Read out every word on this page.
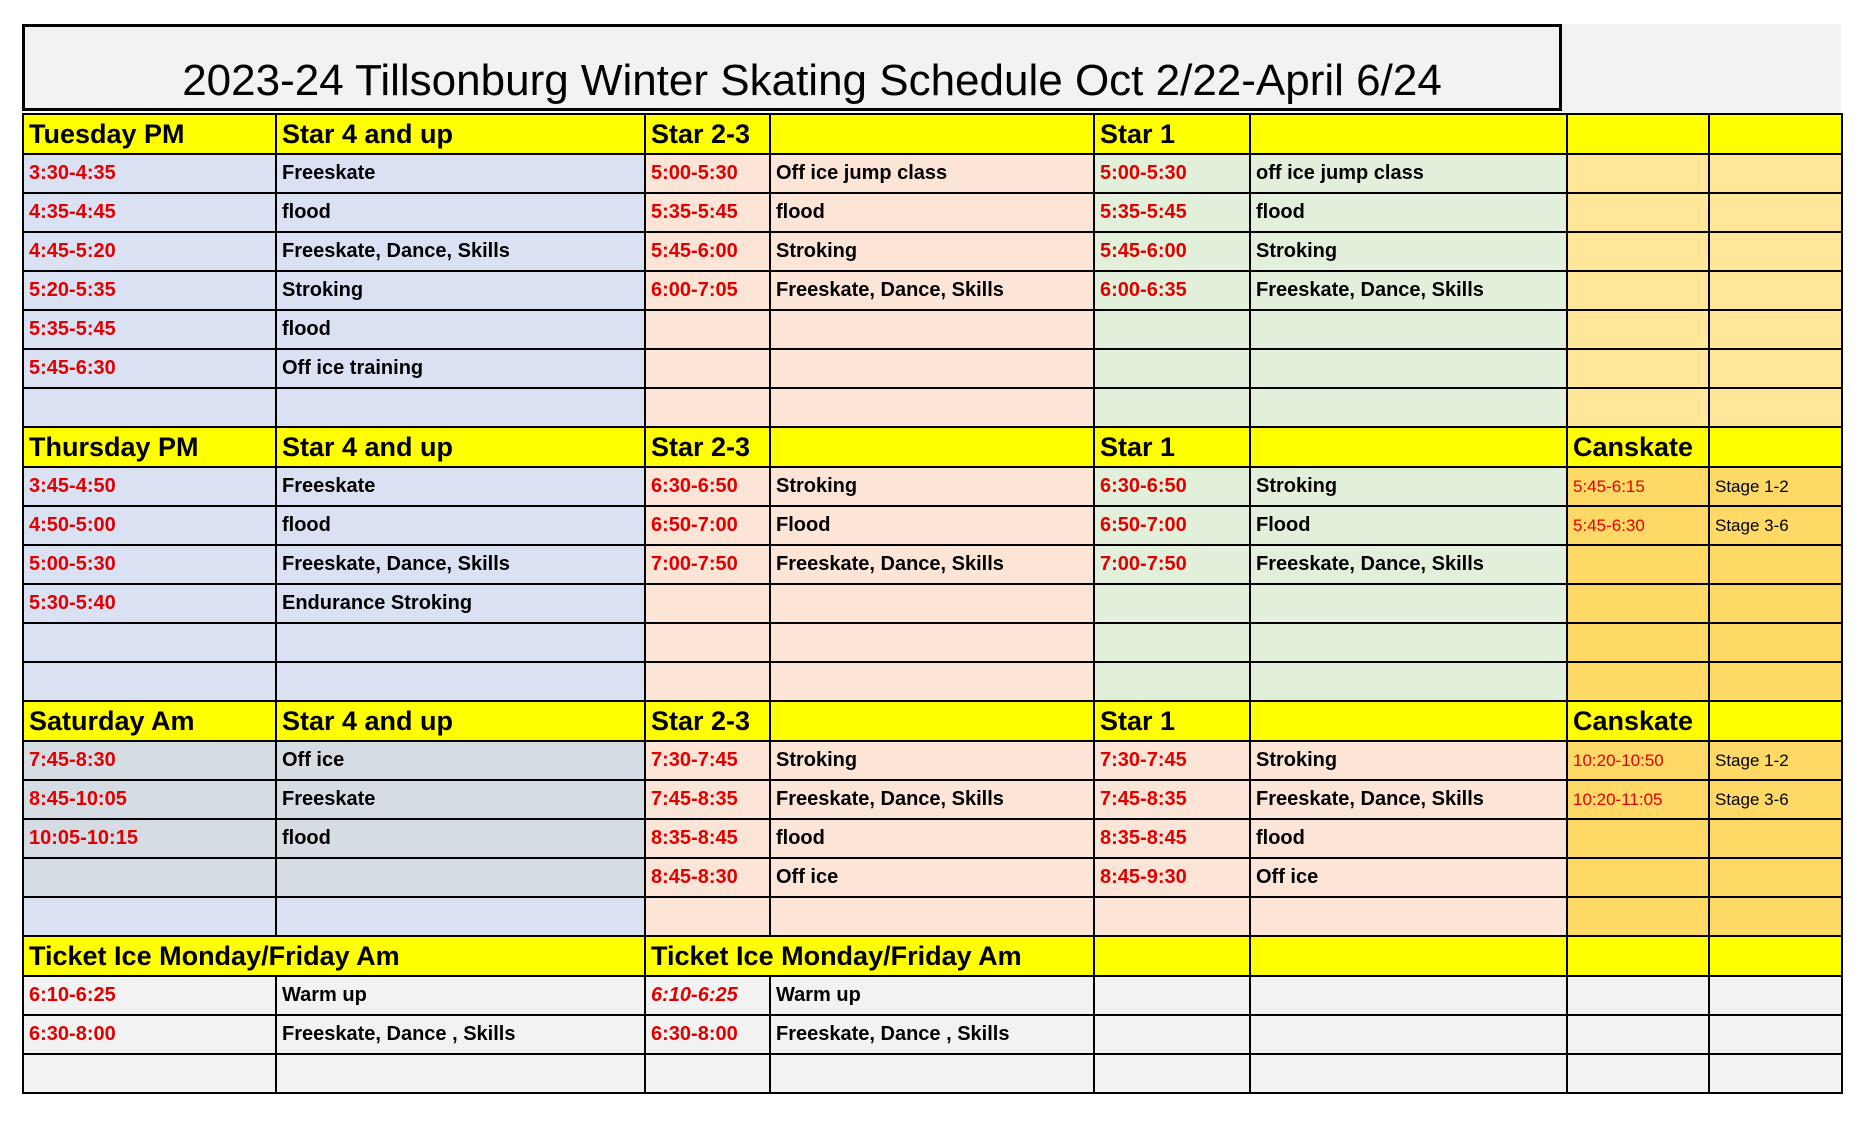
2023-24 Tillsonburg Winter Skating Schedule Oct 2/22-April 6/24
Tuesday PM	Star 4 and up	Star 2-3		Star 1			
3:30-4:35	Freeskate	5:00-5:30	Off ice jump class	5:00-5:30	off ice jump class		
4:35-4:45	flood	5:35-5:45	flood	5:35-5:45	flood		
4:45-5:20	Freeskate, Dance, Skills	5:45-6:00	Stroking	5:45-6:00	Stroking		
5:20-5:35	Stroking	6:00-7:05	Freeskate, Dance, Skills	6:00-6:35	Freeskate, Dance, Skills		
5:35-5:45	flood						
5:45-6:30	Off ice training						

Thursday PM	Star 4 and up	Star 2-3		Star 1		Canskate	
3:45-4:50	Freeskate	6:30-6:50	Stroking	6:30-6:50	Stroking	5:45-6:15	Stage 1-2
4:50-5:00	flood	6:50-7:00	Flood	6:50-7:00	Flood	5:45-6:30	Stage 3-6
5:00-5:30	Freeskate, Dance, Skills	7:00-7:50	Freeskate, Dance, Skills	7:00-7:50	Freeskate, Dance, Skills		
5:30-5:40	Endurance Stroking						

Saturday Am	Star 4 and up	Star 2-3		Star 1		Canskate	
7:45-8:30	Off ice	7:30-7:45	Stroking	7:30-7:45	Stroking	10:20-10:50	Stage 1-2
8:45-10:05	Freeskate	7:45-8:35	Freeskate, Dance, Skills	7:45-8:35	Freeskate, Dance, Skills	10:20-11:05	Stage 3-6
10:05-10:15	flood	8:35-8:45	flood	8:35-8:45	flood		
		8:45-8:30	Off ice	8:45-9:30	Off ice		

Ticket Ice Monday/Friday Am		Ticket Ice Monday/Friday Am					
6:10-6:25	Warm up	6:10-6:25	Warm up				
6:30-8:00	Freeskate, Dance , Skills	6:30-8:00	Freeskate, Dance , Skills				
